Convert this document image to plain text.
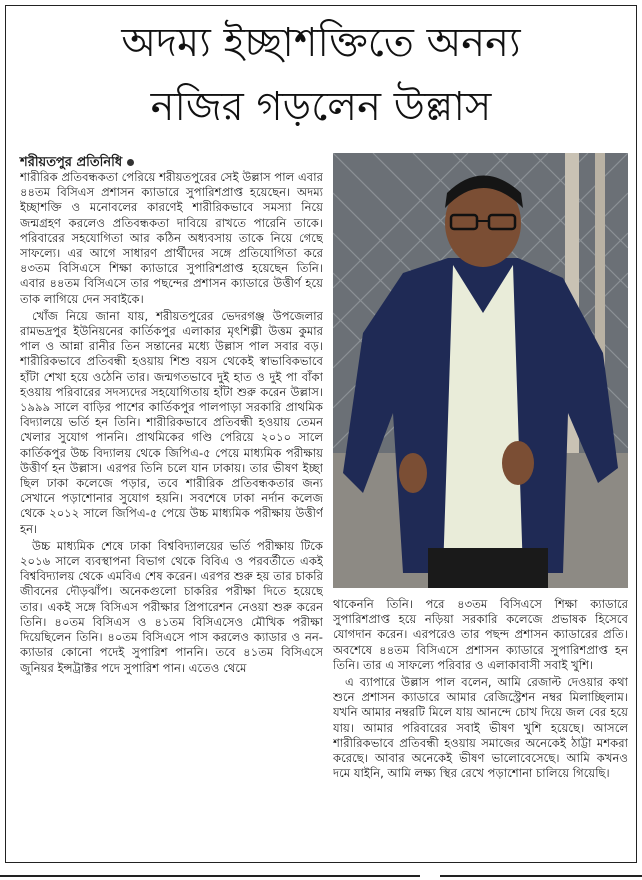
অদম্য ইচ্ছাশক্তিতে অনন্য
নজির গড়লেন উল্লাস
শরীয়তপুর প্রতিনিধি

শারীরিক প্রতিবন্ধকতা পেরিয়ে শরীয়তপুরের সেই উল্লাস পাল এবার ৪৪তম বিসিএস প্রশাসন ক্যাডারে সুপারিশপ্রাপ্ত হয়েছেন। অদম্য ইচ্ছাশক্তি ও মনোবলের কারণেই শারীরিকভাবে সমস্যা নিয়ে জন্মগ্রহণ করলেও প্রতিবন্ধকতা দাবিয়ে রাখতে পারেনি তাকে। পরিবারের সহযোগিতা আর কঠিন অধ্যবসায় তাকে নিয়ে গেছে সাফল্যে। এর আগে সাধারণ প্রার্থীদের সঙ্গে প্রতিযোগিতা করে ৪৩তম বিসিএসে শিক্ষা ক্যাডারে সুপারিশপ্রাপ্ত হয়েছেন তিনি। এবার ৪৪তম বিসিএসে তার পছন্দের প্রশাসন ক্যাডারে উত্তীর্ণ হয়ে তাক লাগিয়ে দেন সবাইকে।

খোঁজ নিয়ে জানা যায়, শরীয়তপুরের ভেদরগঞ্জ উপজেলার রামভদ্রপুর ইউনিয়নের কার্তিকপুর এলাকার মৃৎশিল্পী উত্তম কুমার পাল ও আন্না রানীর তিন সন্তানের মধ্যে উল্লাস পাল সবার বড়। শারীরিকভাবে প্রতিবন্ধী হওয়ায় শিশু বয়স থেকেই স্বাভাবিকভাবে হাঁটা শেখা হয়ে ওঠেনি তার। জন্মগতভাবে দুই হাত ও দুই পা বাঁকা হওয়ায় পরিবারের সদস্যদের সহযোগিতায় হাঁটা শুরু করেন উল্লাস। ১৯৯৯ সালে বাড়ির পাশের কার্তিকপুর পালপাড়া সরকারি প্রাথমিক বিদ্যালয়ে ভর্তি হন তিনি। শারীরিকভাবে প্রতিবন্ধী হওয়ায় তেমন খেলার সুযোগ পাননি। প্রাথমিকের গণ্ডি পেরিয়ে ২০১০ সালে কার্তিকপুর উচ্চ বিদ্যালয় থেকে জিপিএ-৫ পেয়ে মাধ্যমিক পরীক্ষায় উত্তীর্ণ হন উল্লাস। এরপর তিনি চলে যান ঢাকায়। তার ভীষণ ইচ্ছা ছিল ঢাকা কলেজে পড়ার, তবে শারীরিক প্রতিবন্ধকতার জন্য সেখানে পড়াশোনার সুযোগ হয়নি। সবশেষে ঢাকা নর্দান কলেজ থেকে ২০১২ সালে জিপিএ-৫ পেয়ে উচ্চ মাধ্যমিক পরীক্ষায় উত্তীর্ণ হন।

উচ্চ মাধ্যমিক শেষে ঢাকা বিশ্ববিদ্যালয়ের ভর্তি পরীক্ষায় টিকে ২০১৬ সালে ব্যবস্থাপনা বিভাগ থেকে বিবিএ ও পরবর্তীতে একই বিশ্ববিদ্যালয় থেকে এমবিএ শেষ করেন। এরপর শুরু হয় তার চাকরি জীবনের দৌড়ঝাঁপ। অনেকগুলো চাকরির পরীক্ষা দিতে হয়েছে তার। একই সঙ্গে বিসিএস পরীক্ষার প্রিপারেশন নেওয়া শুরু করেন তিনি। ৪০তম বিসিএস ও ৪১তম বিসিএসেও মৌখিক পরীক্ষা দিয়েছিলেন তিনি। ৪০তম বিসিএসে পাস করলেও ক্যাডার ও নন-ক্যাডার কোনো পদেই সুপারিশ পাননি। তবে ৪১তম বিসিএসে জুনিয়র ইন্সট্রাক্টর পদে সুপারিশ পান। এতেও থেমে

থাকেননি তিনি। পরে ৪৩তম বিসিএসে শিক্ষা ক্যাডারে সুপারিশপ্রাপ্ত হয়ে নড়িয়া সরকারি কলেজে প্রভাষক হিসেবে যোগদান করেন। এরপরেও তার পছন্দ প্রশাসন ক্যাডারের প্রতি। অবশেষে ৪৪তম বিসিএসে প্রশাসন ক্যাডারে সুপারিশপ্রাপ্ত হন তিনি। তার এ সাফল্যে পরিবার ও এলাকাবাসী সবাই খুশি।

এ ব্যাপারে উল্লাস পাল বলেন, আমি রেজাল্ট দেওয়ার কথা শুনে প্রশাসন ক্যাডারে আমার রেজিস্ট্রেশন নম্বর মিলাচ্ছিলাম। যখনি আমার নম্বরটি মিলে যায় আনন্দে চোখ দিয়ে জল বের হয়ে যায়। আমার পরিবারের সবাই ভীষণ খুশি হয়েছে। আসলে শারীরিকভাবে প্রতিবন্ধী হওয়ায় সমাজের অনেকেই ঠাট্টা মশকরা করেছে। আবার অনেকেই ভীষণ ভালোবেসেছে। আমি কখনও দমে যাইনি, আমি লক্ষ্য স্থির রেখে পড়াশোনা চালিয়ে গিয়েছি।
